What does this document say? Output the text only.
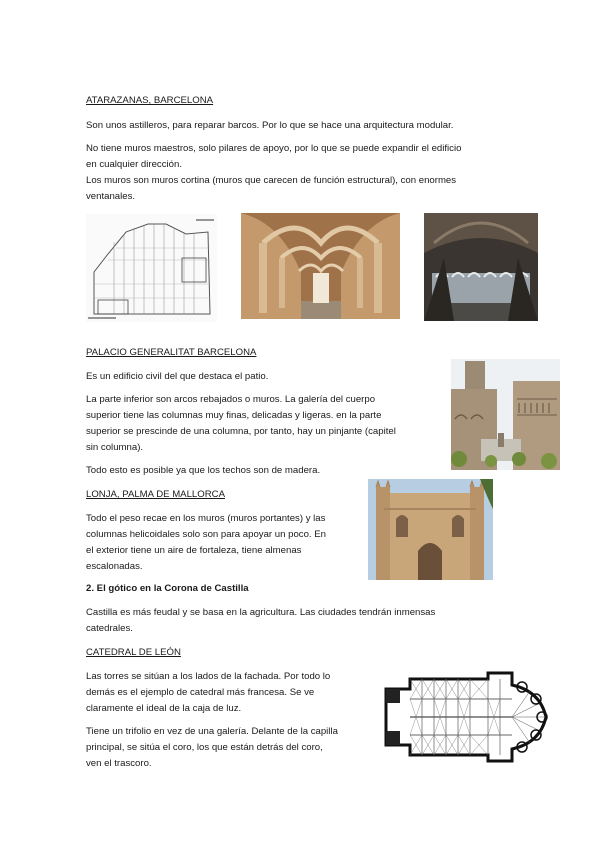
ATARAZANAS, BARCELONA
Son unos astilleros, para reparar barcos. Por lo que se hace una arquitectura modular.
No tiene muros maestros, solo pilares de apoyo, por lo que se puede expandir el edificio
en cualquier dirección.
Los muros son muros cortina (muros que carecen de función estructural), con enormes
ventanales.
PALACIO GENERALITAT BARCELONA
Es un edificio civil del que destaca el patio.
La parte inferior son arcos rebajados o muros. La galería del cuerpo
superior tiene las columnas muy finas, delicadas y ligeras. en la parte
superior se prescinde de una columna, por tanto, hay un pinjante (capitel
sin columna).
Todo esto es posible ya que los techos son de madera.
LONJA, PALMA DE MALLORCA
Todo el peso recae en los muros (muros portantes) y las
columnas helicoidales solo son para apoyar un poco. En
el exterior tiene un aire de fortaleza, tiene almenas
escalonadas.
2. El gótico en la Corona de Castilla
Castilla es más feudal y se basa en la agricultura. Las ciudades tendrán inmensas
catedrales.
CATEDRAL DE LEÓN
Las torres se sitúan a los lados de la fachada. Por todo lo
demás es el ejemplo de catedral más francesa. Se ve
claramente el ideal de la caja de luz.
Tiene un trifolio en vez de una galería. Delante de la capilla
principal, se sitúa el coro, los que están detrás del coro,
ven el trascoro.
